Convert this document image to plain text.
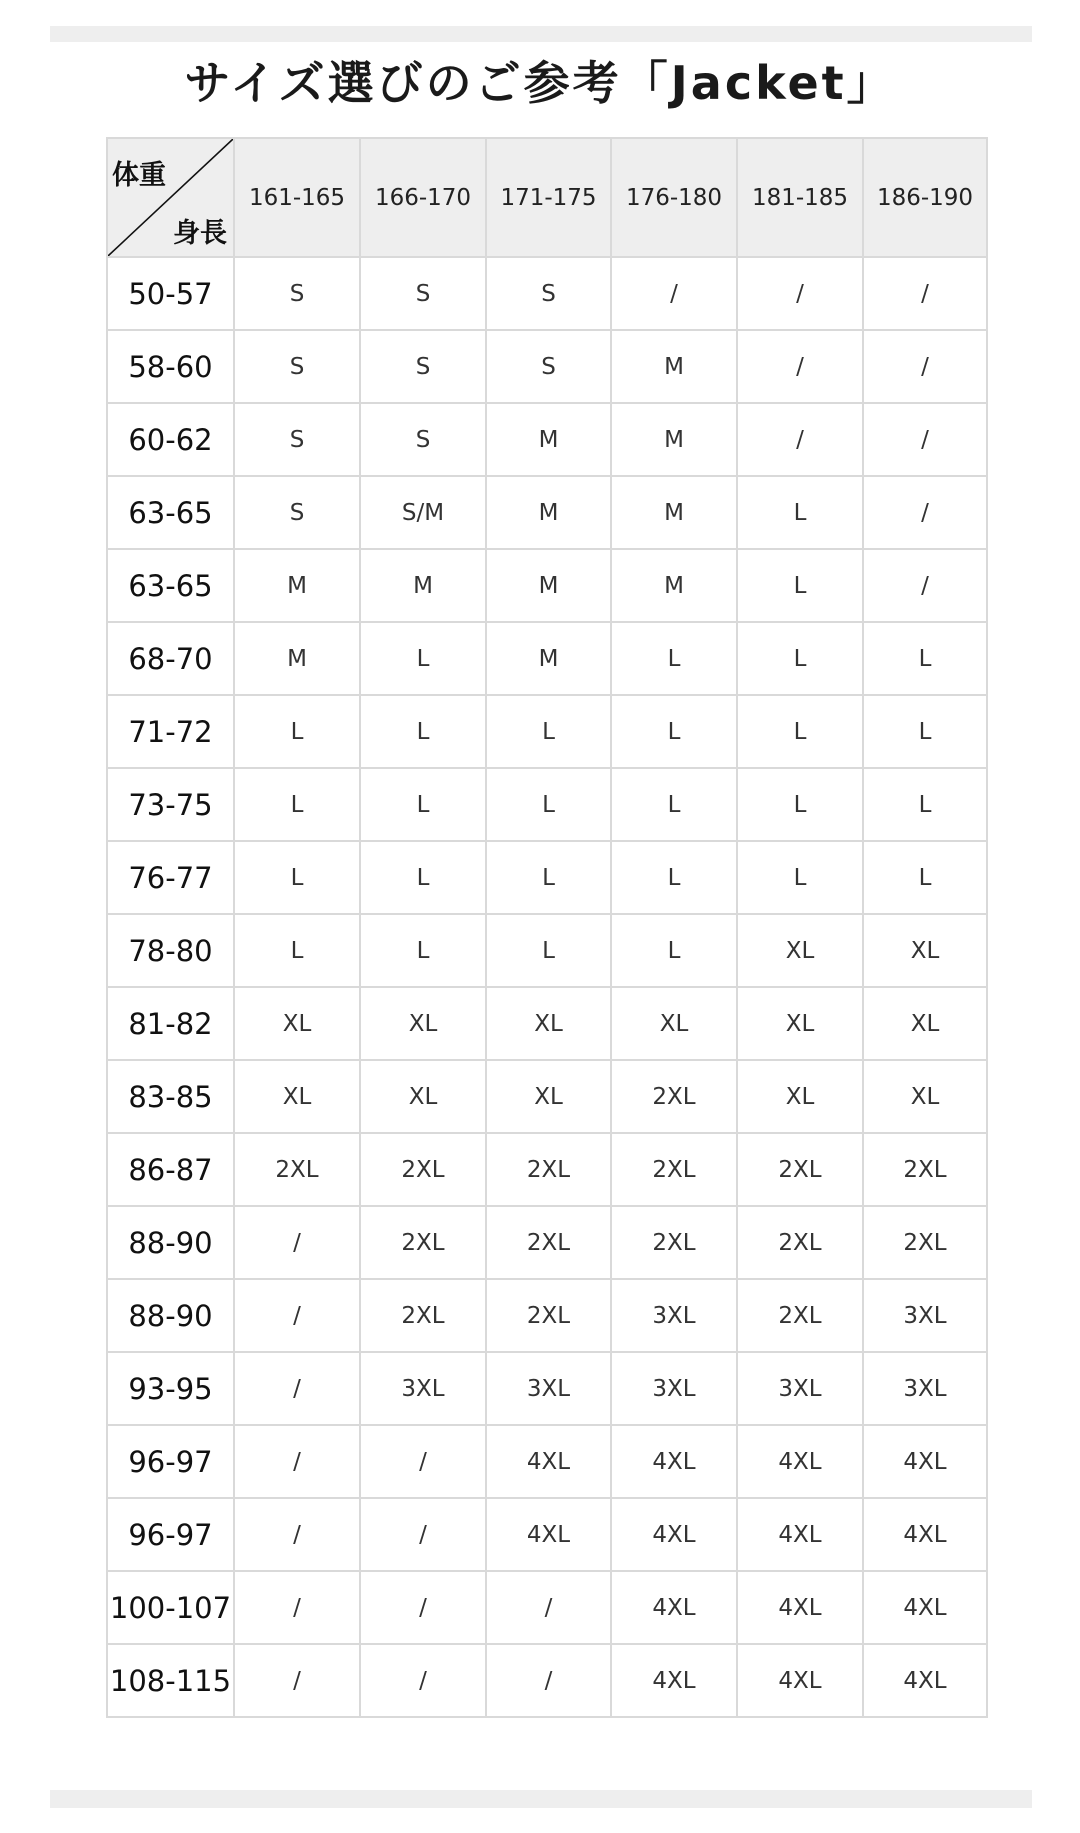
サイズ選びのご参考「Jacket」
体重
身長	161-165	166-170	171-175	176-180	181-185	186-190
50-57	S	S	S	/	/	/
58-60	S	S	S	M	/	/
60-62	S	S	M	M	/	/
63-65	S	S/M	M	M	L	/
63-65	M	M	M	M	L	/
68-70	M	L	M	L	L	L
71-72	L	L	L	L	L	L
73-75	L	L	L	L	L	L
76-77	L	L	L	L	L	L
78-80	L	L	L	L	XL	XL
81-82	XL	XL	XL	XL	XL	XL
83-85	XL	XL	XL	2XL	XL	XL
86-87	2XL	2XL	2XL	2XL	2XL	2XL
88-90	/	2XL	2XL	2XL	2XL	2XL
88-90	/	2XL	2XL	3XL	2XL	3XL
93-95	/	3XL	3XL	3XL	3XL	3XL
96-97	/	/	4XL	4XL	4XL	4XL
96-97	/	/	4XL	4XL	4XL	4XL
100-107	/	/	/	4XL	4XL	4XL
108-115	/	/	/	4XL	4XL	4XL
